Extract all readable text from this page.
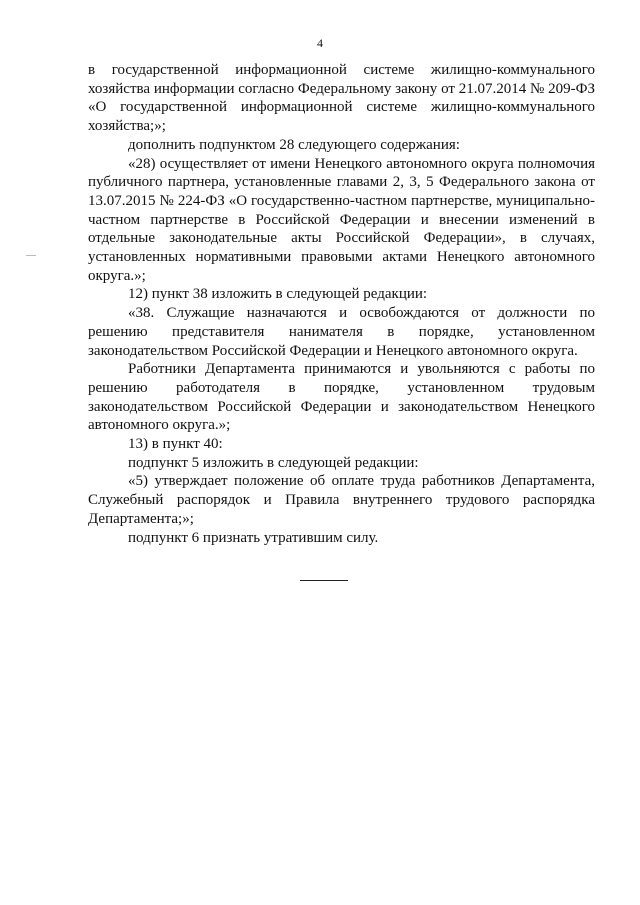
4

в государственной информационной системе жилищно-коммунального хозяйства информации согласно Федеральному закону от 21.07.2014 № 209-ФЗ «О государственной информационной системе жилищно-коммунального хозяйства;»;

дополнить подпунктом 28 следующего содержания:

«28) осуществляет от имени Ненецкого автономного округа полномочия публичного партнера, установленные главами 2, 3, 5 Федерального закона от 13.07.2015 № 224-ФЗ «О государственно-частном партнерстве, муниципально-частном партнерстве в Российской Федерации и внесении изменений в отдельные законодательные акты Российской Федерации», в случаях, установленных нормативными правовыми актами Ненецкого автономного округа.»;

12) пункт 38 изложить в следующей редакции:

«38. Служащие назначаются и освобождаются от должности по решению представителя нанимателя в порядке, установленном законодательством Российской Федерации и Ненецкого автономного округа.

Работники Департамента принимаются и увольняются с работы по решению работодателя в порядке, установленном трудовым законодательством Российской Федерации и законодательством Ненецкого автономного округа.»;

13) в пункт 40:

подпункт 5 изложить в следующей редакции:

«5) утверждает положение об оплате труда работников Департамента, Служебный распорядок и Правила внутреннего трудового распорядка Департамента;»;

подпункт 6 признать утратившим силу.
